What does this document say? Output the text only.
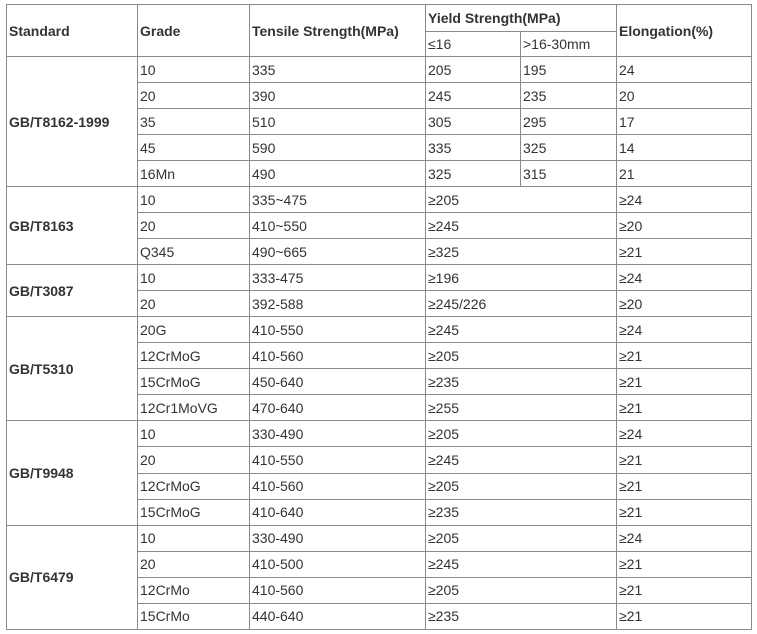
Standard	Grade	Tensile Strength(MPa)	Yield Strength(MPa)		Elongation(%)
			≤16	>16-30mm	
GB/T8162-1999	10	335	205	195	24
	20	390	245	235	20
	35	510	305	295	17
	45	590	335	325	14
	16Mn	490	325	315	21
GB/T8163	10	335~475	≥205		≥24
	20	410~550	≥245		≥20
	Q345	490~665	≥325		≥21
GB/T3087	10	333-475	≥196		≥24
	20	392-588	≥245/226		≥20
GB/T5310	20G	410-550	≥245		≥24
	12CrMoG	410-560	≥205		≥21
	15CrMoG	450-640	≥235		≥21
	12Cr1MoVG	470-640	≥255		≥21
GB/T9948	10	330-490	≥205		≥24
	20	410-550	≥245		≥21
	12CrMoG	410-560	≥205		≥21
	15CrMoG	410-640	≥235		≥21
GB/T6479	10	330-490	≥205		≥24
	20	410-500	≥245		≥21
	12CrMo	410-560	≥205		≥21
	15CrMo	440-640	≥235		≥21
